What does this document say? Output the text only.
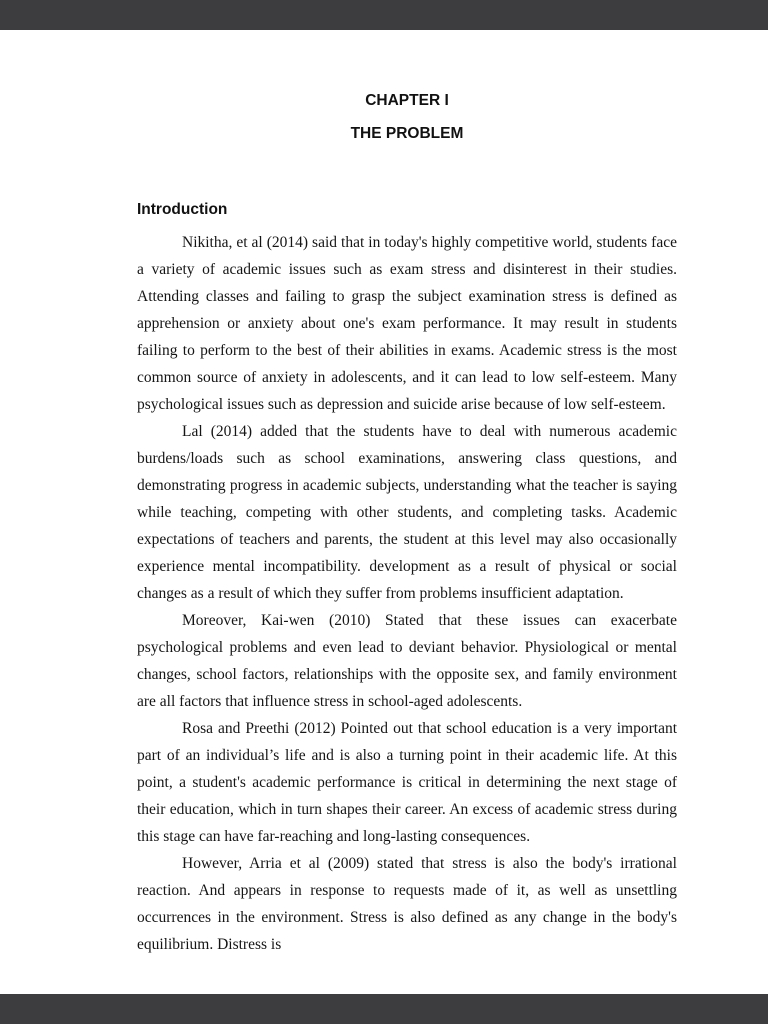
CHAPTER I
THE PROBLEM
Introduction

Nikitha, et al (2014) said that in today's highly competitive world, students face a variety of academic issues such as exam stress and disinterest in their studies. Attending classes and failing to grasp the subject examination stress is defined as apprehension or anxiety about one's exam performance. It may result in students failing to perform to the best of their abilities in exams. Academic stress is the most common source of anxiety in adolescents, and it can lead to low self-esteem. Many psychological issues such as depression and suicide arise because of low self-esteem.

Lal (2014) added that the students have to deal with numerous academic burdens/loads such as school examinations, answering class questions, and demonstrating progress in academic subjects, understanding what the teacher is saying while teaching, competing with other students, and completing tasks. Academic expectations of teachers and parents, the student at this level may also occasionally experience mental incompatibility. development as a result of physical or social changes as a result of which they suffer from problems insufficient adaptation.

Moreover, Kai-wen (2010) Stated that these issues can exacerbate psychological problems and even lead to deviant behavior. Physiological or mental changes, school factors, relationships with the opposite sex, and family environment are all factors that influence stress in school-aged adolescents.

Rosa and Preethi (2012) Pointed out that school education is a very important part of an individual’s life and is also a turning point in their academic life. At this point, a student's academic performance is critical in determining the next stage of their education, which in turn shapes their career. An excess of academic stress during this stage can have far-reaching and long-lasting consequences.

However, Arria et al (2009) stated that stress is also the body's irrational reaction. And appears in response to requests made of it, as well as unsettling occurrences in the environment. Stress is also defined as any change in the body's equilibrium. Distress is
